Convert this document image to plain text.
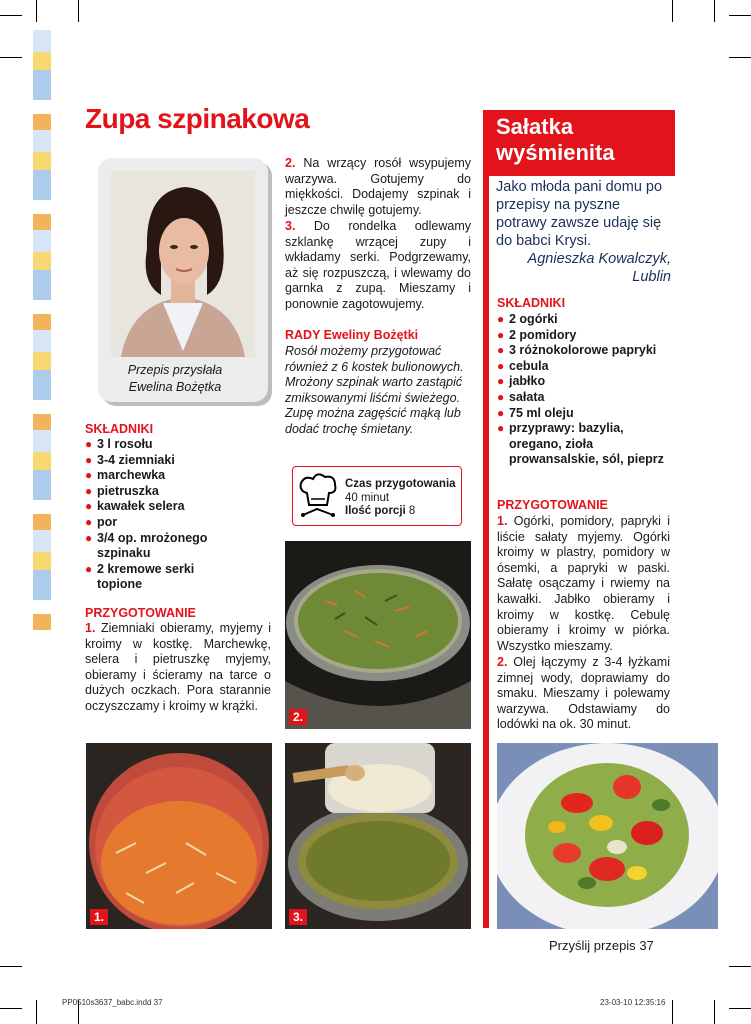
Zupa szpinakowa
Przepis przysłała
Ewelina Bożętka
SKŁADNIKI
● 3 l rosołu
● 3-4 ziemniaki
● marchewka
● pietruszka
● kawałek selera
● por
● 3/4 op. mrożonego szpinaku
● 2 kremowe serki topione
PRZYGOTOWANIE
1. Ziemniaki obieramy, myjemy i kroimy w kostkę. Marchewkę, selera i pietruszkę myjemy, obieramy i ścieramy na tarce o dużych oczkach. Pora starannie oczyszczamy i kroimy w krążki.
2. Na wrzący rosół wsypujemy warzywa. Gotujemy do miękkości. Dodajemy szpinak i jeszcze chwilę gotujemy.
3. Do rondelka odlewamy szklankę wrzącej zupy i wkładamy serki. Podgrzewamy, aż się rozpuszczą, i wlewamy do garnka z zupą. Mieszamy i ponownie zagotowujemy.
RADY Eweliny Bożętki
Rosół możemy przygotować również z 6 kostek bulionowych. Mrożony szpinak warto zastąpić zmiksowanymi liśćmi świeżego. Zupę można zagęścić mąką lub dodać trochę śmietany.
Czas przygotowania
40 minut
Ilość porcji 8
2.
1.	3.
Sałatka
wyśmienita
Jako młoda pani domu po przepisy na pyszne potrawy zawsze udaję się do babci Krysi.
Agnieszka Kowalczyk,
Lublin
SKŁADNIKI
● 2 ogórki
● 2 pomidory
● 3 różnokolorowe papryki
● cebula
● jabłko
● sałata
● 75 ml oleju
● przyprawy: bazylia, oregano, zioła prowansalskie, sól, pieprz
PRZYGOTOWANIE
1. Ogórki, pomidory, papryki i liście sałaty myjemy. Ogórki kroimy w plastry, pomidory w ósemki, a papryki w paski. Sałatę osączamy i rwiemy na kawałki. Jabłko obieramy i kroimy w kostkę. Cebulę obieramy i kroimy w piórka. Wszystko mieszamy.
2. Olej łączymy z 3-4 łyżkami zimnej wody, doprawiamy do smaku. Mieszamy i polewamy warzywa. Odstawiamy do lodówki na ok. 30 minut.
Przyślij przepis 37
PP0510s3637_babc.indd 37	23-03-10 12:35:16
